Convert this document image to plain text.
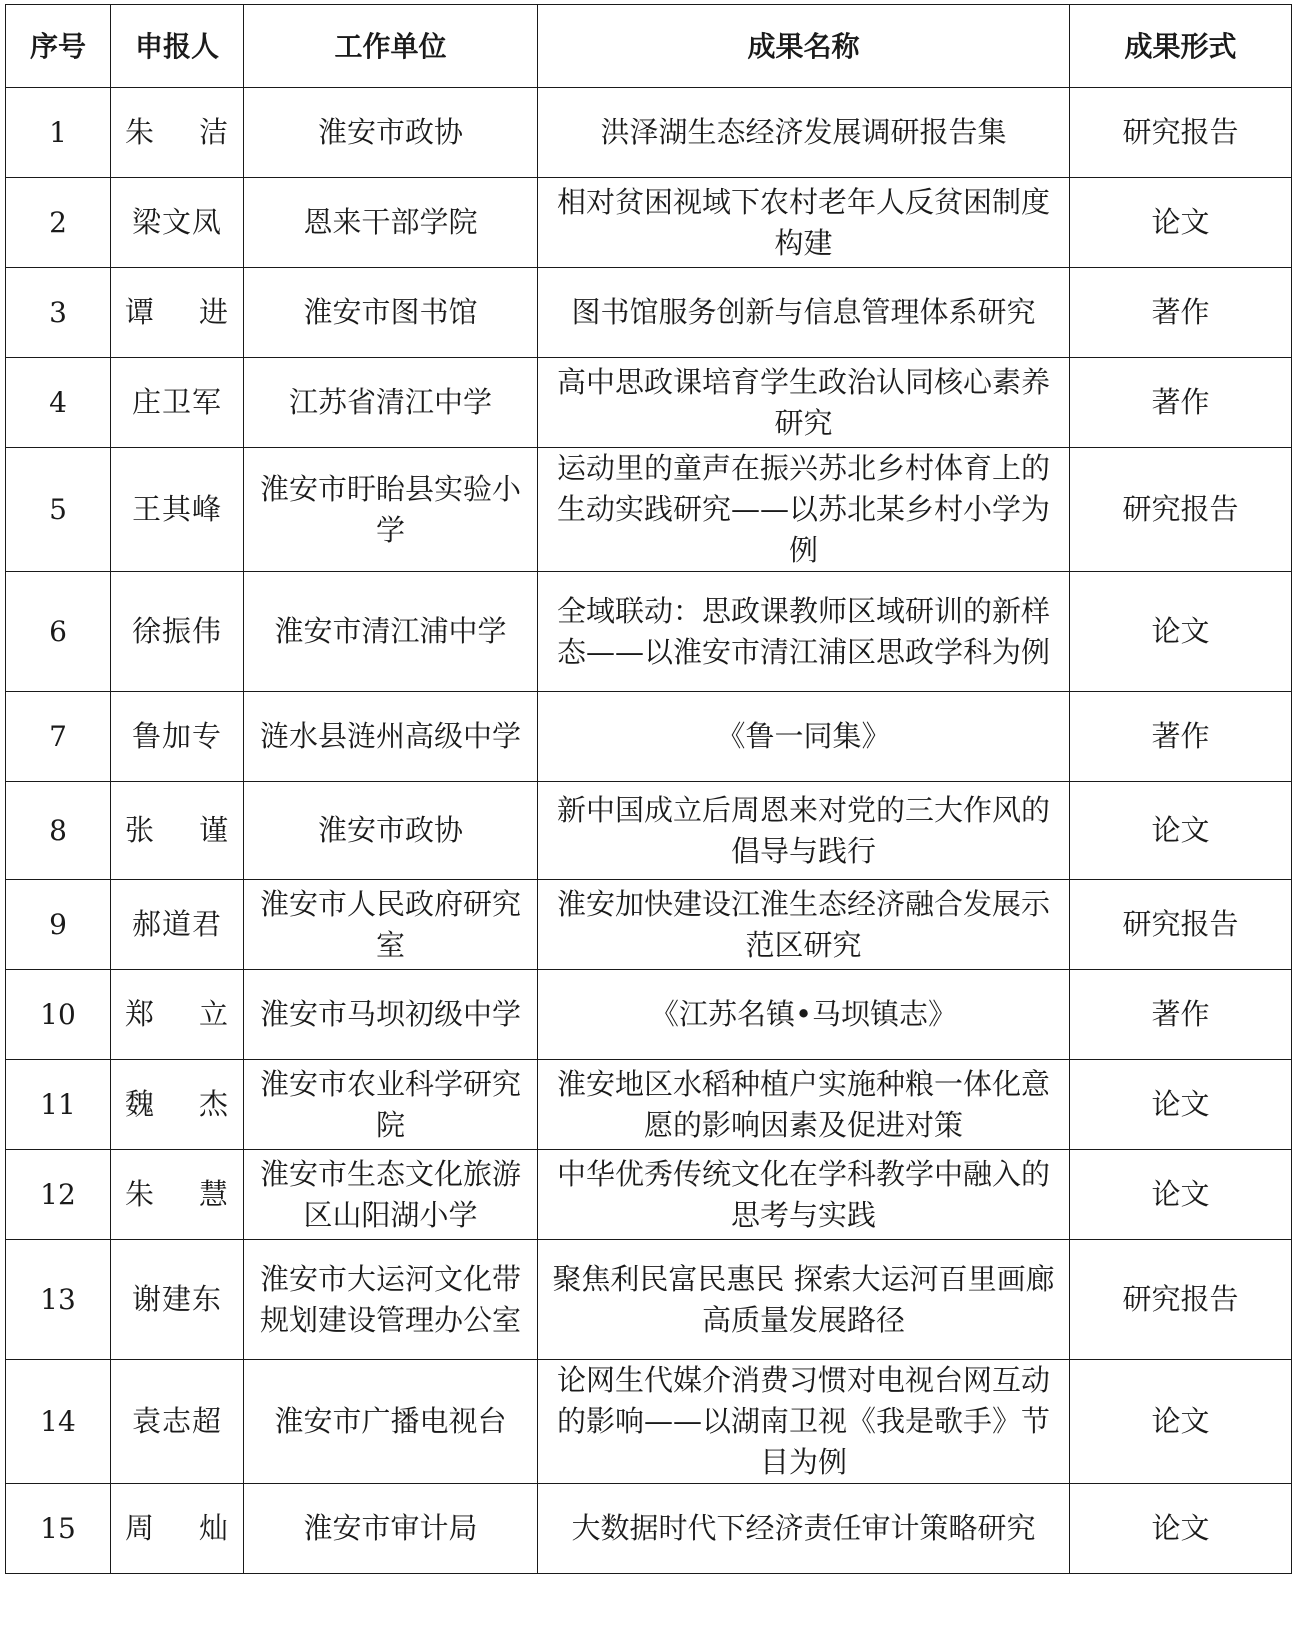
序号	申报人	工作单位	成果名称	成果形式
1	朱 洁	淮安市政协	洪泽湖生态经济发展调研报告集	研究报告
2	梁文凤	恩来干部学院	相对贫困视域下农村老年人反贫困制度构建	论文
3	谭 进	淮安市图书馆	图书馆服务创新与信息管理体系研究	著作
4	庄卫军	江苏省清江中学	高中思政课培育学生政治认同核心素养研究	著作
5	王其峰	淮安市盱眙县实验小学	运动里的童声在振兴苏北乡村体育上的生动实践研究——以苏北某乡村小学为例	研究报告
6	徐振伟	淮安市清江浦中学	全域联动：思政课教师区域研训的新样态——以淮安市清江浦区思政学科为例	论文
7	鲁加专	涟水县涟州高级中学	《鲁一同集》	著作
8	张 谨	淮安市政协	新中国成立后周恩来对党的三大作风的倡导与践行	论文
9	郝道君	淮安市人民政府研究室	淮安加快建设江淮生态经济融合发展示范区研究	研究报告
10	郑 立	淮安市马坝初级中学	《江苏名镇•马坝镇志》	著作
11	魏 杰	淮安市农业科学研究院	淮安地区水稻种植户实施种粮一体化意愿的影响因素及促进对策	论文
12	朱 慧	淮安市生态文化旅游区山阳湖小学	中华优秀传统文化在学科教学中融入的思考与实践	论文
13	谢建东	淮安市大运河文化带规划建设管理办公室	聚焦利民富民惠民 探索大运河百里画廊高质量发展路径	研究报告
14	袁志超	淮安市广播电视台	论网生代媒介消费习惯对电视台网互动的影响——以湖南卫视《我是歌手》节目为例	论文
15	周 灿	淮安市审计局	大数据时代下经济责任审计策略研究	论文
